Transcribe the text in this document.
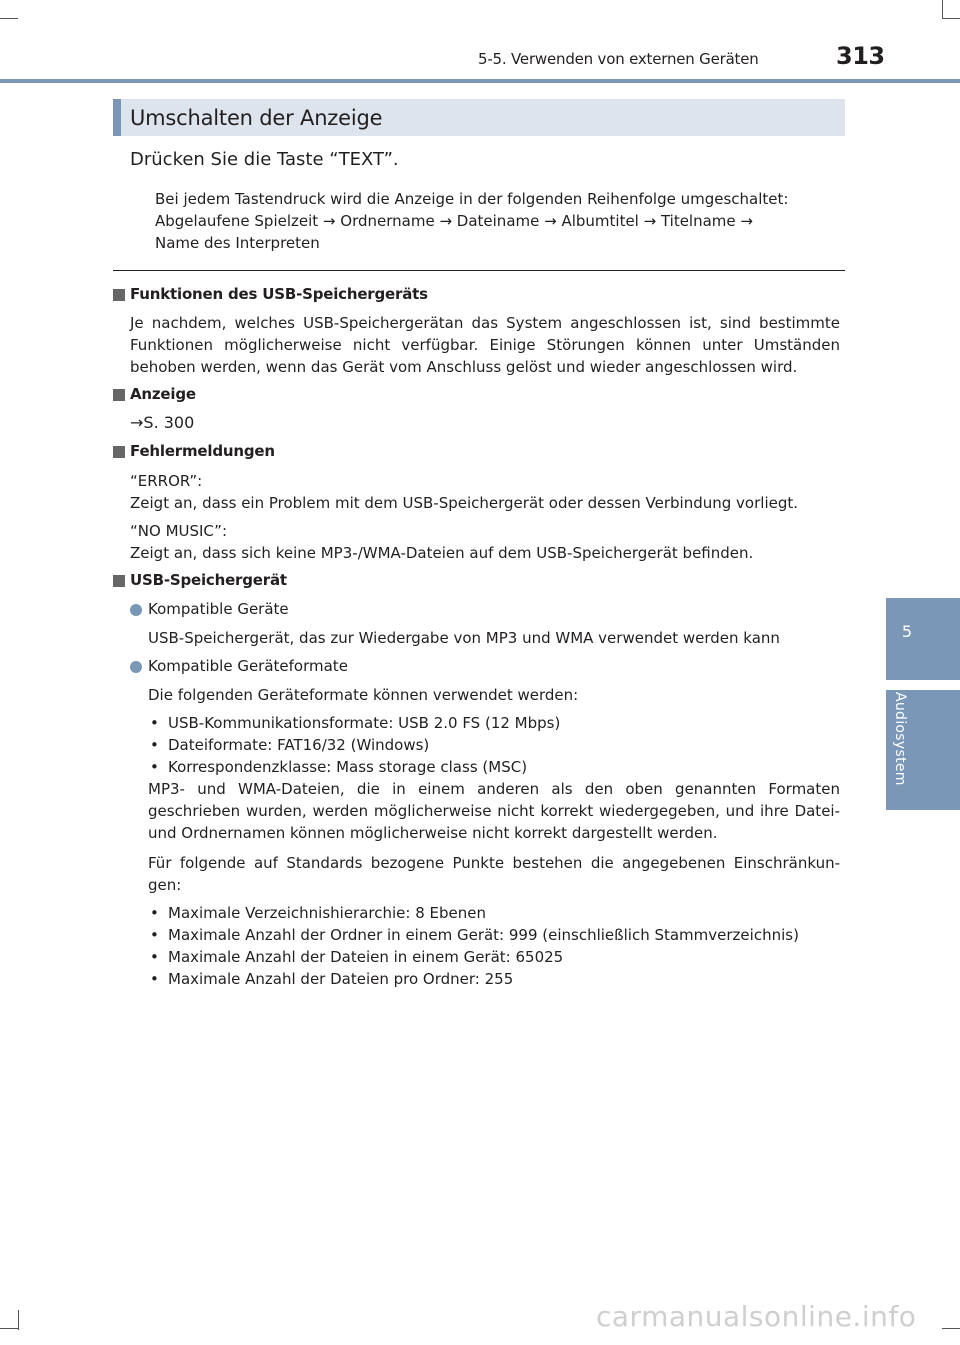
5-5. Verwenden von externen Geräten	313
5
Audiosystem
Umschalten der Anzeige
Drücken Sie die Taste “TEXT”.

Bei jedem Tastendruck wird die Anzeige in der folgenden Reihenfolge umgeschaltet:

Abgelaufene Spielzeit → Ordnername → Dateiname → Albumtitel → Titelname →

Name des Interpreten

Funktionen des USB-Speichergeräts
Je nachdem, welches USB-Speichergerätan das System angeschlossen ist, sind bestimmte Funktionen möglicherweise nicht verfügbar. Einige Störungen können unter Umständen behoben werden, wenn das Gerät vom Anschluss gelöst und wieder angeschlossen wird.
Anzeige
→S. 300
Fehlermeldungen
“ERROR”:
Zeigt an, dass ein Problem mit dem USB-Speichergerät oder dessen Verbindung vorliegt.
“NO MUSIC”:
Zeigt an, dass sich keine MP3-/WMA-Dateien auf dem USB-Speichergerät befinden.
USB-Speichergerät
Kompatible Geräte
USB-Speichergerät, das zur Wiedergabe von MP3 und WMA verwendet werden kann
Kompatible Geräteformate
Die folgenden Geräteformate können verwendet werden:
• USB-Kommunikationsformate: USB 2.0 FS (12 Mbps)
• Dateiformate: FAT16/32 (Windows)
• Korrespondenzklasse: Mass storage class (MSC)
MP3- und WMA-Dateien, die in einem anderen als den oben genannten Formaten geschrieben wurden, werden möglicherweise nicht korrekt wiedergegeben, und ihre Datei- und Ordnernamen können möglicherweise nicht korrekt dargestellt werden.
Für folgende auf Standards bezogene Punkte bestehen die angegebenen Einschränkun-gen:
• Maximale Verzeichnishierarchie: 8 Ebenen
• Maximale Anzahl der Ordner in einem Gerät: 999 (einschließlich Stammverzeichnis)
• Maximale Anzahl der Dateien in einem Gerät: 65025
• Maximale Anzahl der Dateien pro Ordner: 255
carmanualsonline.info
